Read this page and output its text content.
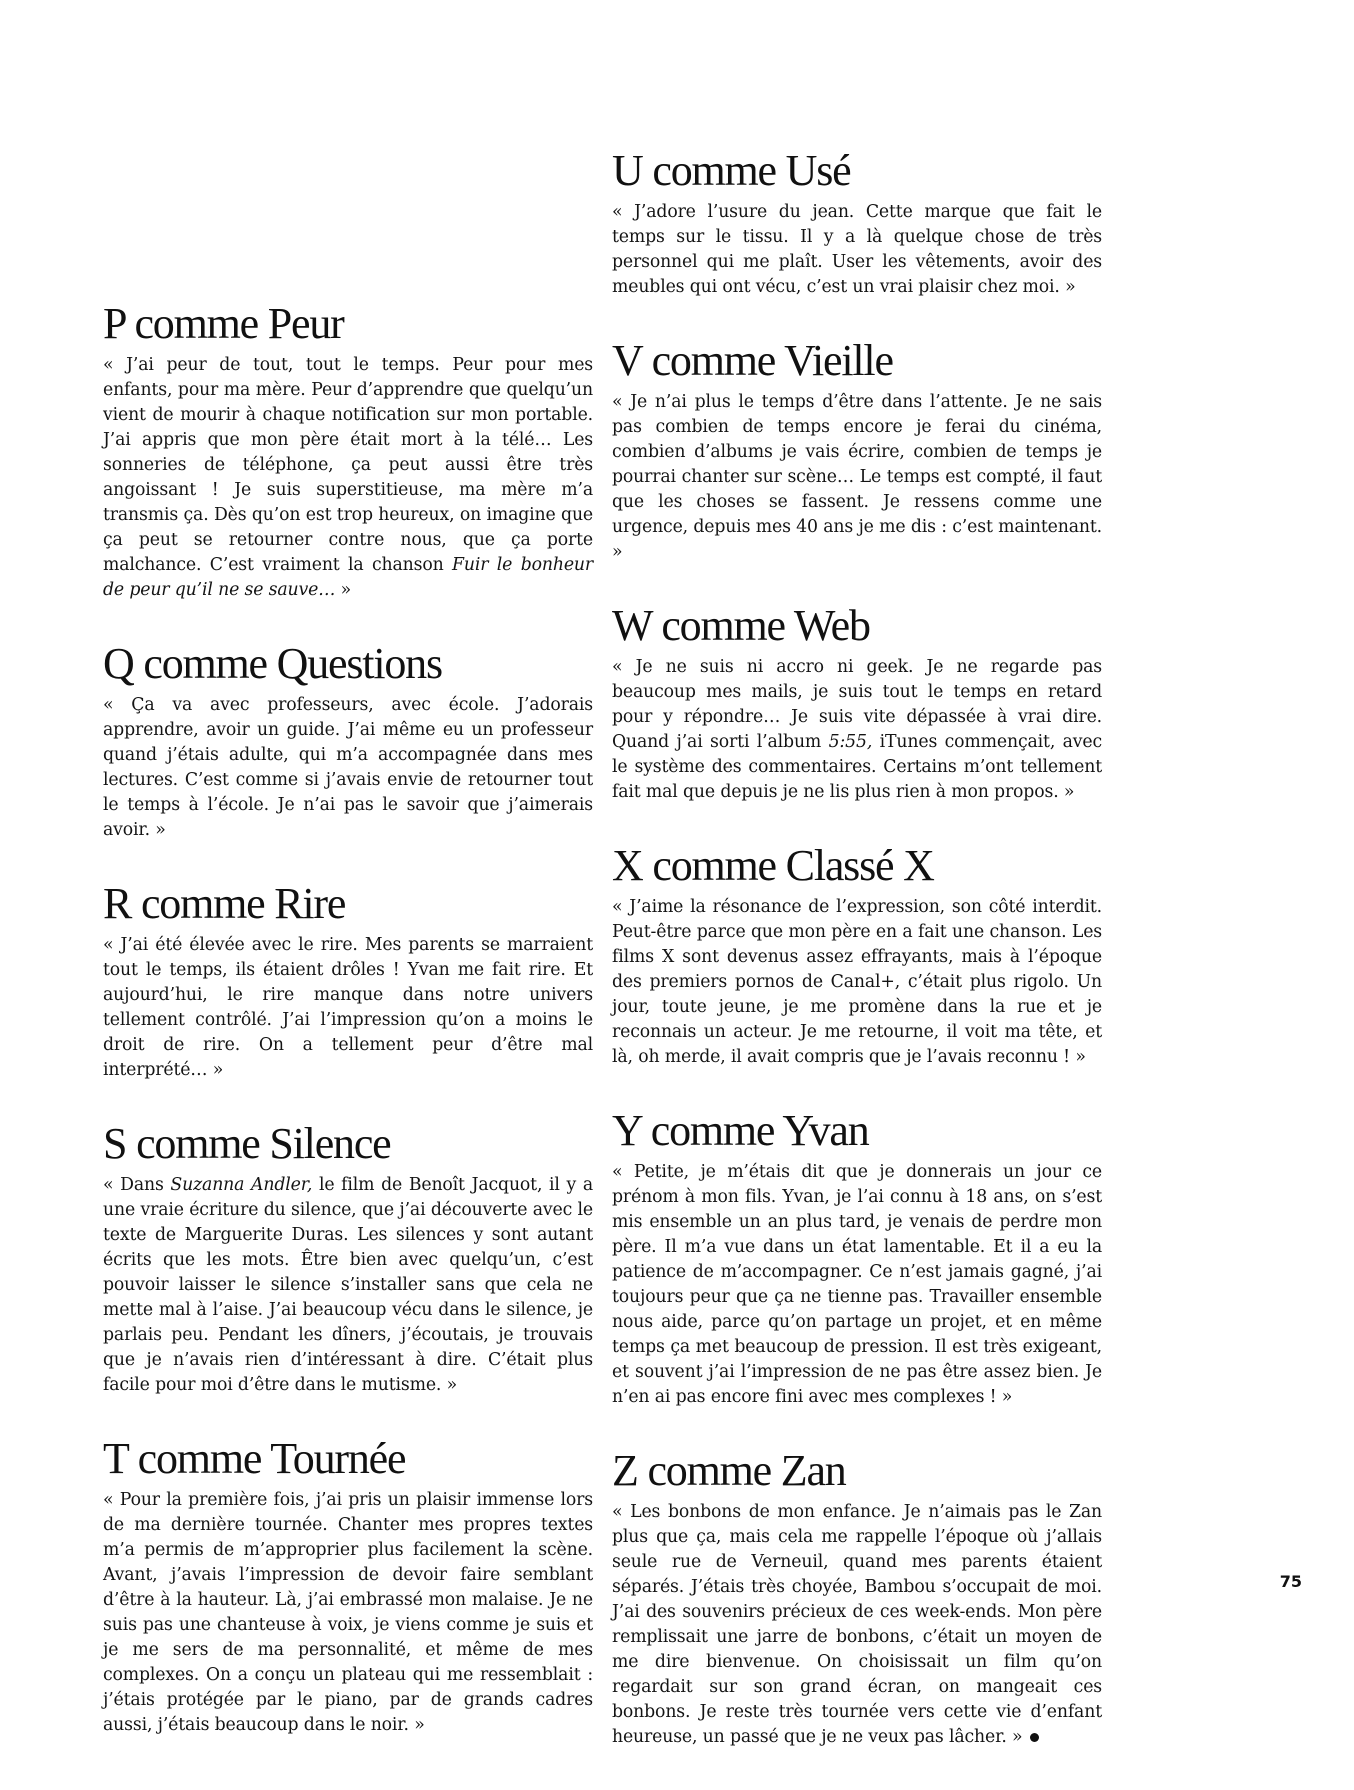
P comme Peur

« J’ai peur de tout, tout le temps. Peur pour mes enfants, pour ma mère. Peur d’apprendre que quelqu’un vient de mourir à chaque notification sur mon portable. J’ai appris que mon père était mort à la télé… Les sonneries de téléphone, ça peut aussi être très angoissant ! Je suis superstitieuse, ma mère m’a transmis ça. Dès qu’on est trop heureux, on imagine que ça peut se retourner contre nous, que ça porte malchance. C’est vraiment la chanson Fuir le bonheur de peur qu’il ne se sauve… »

Q comme Questions

« Ça va avec professeurs, avec école. J’adorais apprendre, avoir un guide. J’ai même eu un professeur quand j’étais adulte, qui m’a accompagnée dans mes lectures. C’est comme si j’avais envie de retourner tout le temps à l’école. Je n’ai pas le savoir que j’aimerais avoir. »

R comme Rire

« J’ai été élevée avec le rire. Mes parents se marraient tout le temps, ils étaient drôles ! Yvan me fait rire. Et aujourd’hui, le rire manque dans notre univers tellement contrôlé. J’ai l’impression qu’on a moins le droit de rire. On a tellement peur d’être mal interprété… »

S comme Silence

« Dans Suzanna Andler, le film de Benoît Jacquot, il y a une vraie écriture du silence, que j’ai découverte avec le texte de Marguerite Duras. Les silences y sont autant écrits que les mots. Être bien avec quelqu’un, c’est pouvoir laisser le silence s’installer sans que cela ne mette mal à l’aise. J’ai beaucoup vécu dans le silence, je parlais peu. Pendant les dîners, j’écoutais, je trouvais que je n’avais rien d’intéressant à dire. C’était plus facile pour moi d’être dans le mutisme. »

T comme Tournée

« Pour la première fois, j’ai pris un plaisir immense lors de ma dernière tournée. Chanter mes propres textes m’a permis de m’approprier plus facilement la scène. Avant, j’avais l’impression de devoir faire semblant d’être à la hauteur. Là, j’ai embrassé mon malaise. Je ne suis pas une chanteuse à voix, je viens comme je suis et je me sers de ma personnalité, et même de mes complexes. On a conçu un plateau qui me ressemblait : j’étais protégée par le piano, par de grands cadres aussi, j’étais beaucoup dans le noir. »

U comme Usé

« J’adore l’usure du jean. Cette marque que fait le temps sur le tissu. Il y a là quelque chose de très personnel qui me plaît. User les vêtements, avoir des meubles qui ont vécu, c’est un vrai plaisir chez moi. »

V comme Vieille

« Je n’ai plus le temps d’être dans l’attente. Je ne sais pas combien de temps encore je ferai du cinéma, combien d’albums je vais écrire, combien de temps je pourrai chanter sur scène… Le temps est compté, il faut que les choses se fassent. Je ressens comme une urgence, depuis mes 40 ans je me dis : c’est maintenant. »

W comme Web

« Je ne suis ni accro ni geek. Je ne regarde pas beaucoup mes mails, je suis tout le temps en retard pour y répondre… Je suis vite dépassée à vrai dire. Quand j’ai sorti l’album 5:55, iTunes commençait, avec le système des commentaires. Certains m’ont tellement fait mal que depuis je ne lis plus rien à mon propos. »

X comme Classé X

« J’aime la résonance de l’expression, son côté interdit. Peut-être parce que mon père en a fait une chanson. Les films X sont devenus assez effrayants, mais à l’époque des premiers pornos de Canal+, c’était plus rigolo. Un jour, toute jeune, je me promène dans la rue et je reconnais un acteur. Je me retourne, il voit ma tête, et là, oh merde, il avait compris que je l’avais reconnu ! »

Y comme Yvan

« Petite, je m’étais dit que je donnerais un jour ce prénom à mon fils. Yvan, je l’ai connu à 18 ans, on s’est mis ensemble un an plus tard, je venais de perdre mon père. Il m’a vue dans un état lamentable. Et il a eu la patience de m’accompagner. Ce n’est jamais gagné, j’ai toujours peur que ça ne tienne pas. Travailler ensemble nous aide, parce qu’on partage un projet, et en même temps ça met beaucoup de pression. Il est très exigeant, et souvent j’ai l’impression de ne pas être assez bien. Je n’en ai pas encore fini avec mes complexes ! »

Z comme Zan

« Les bonbons de mon enfance. Je n’aimais pas le Zan plus que ça, mais cela me rappelle l’époque où j’allais seule rue de Verneuil, quand mes parents étaient séparés. J’étais très choyée, Bambou s’occupait de moi. J’ai des souvenirs précieux de ces week-ends. Mon père remplissait une jarre de bonbons, c’était un moyen de me dire bienvenue. On choisissait un film qu’on regardait sur son grand écran, on mangeait ces bonbons. Je reste très tournée vers cette vie d’enfant heureuse, un passé que je ne veux pas lâcher. »

75
